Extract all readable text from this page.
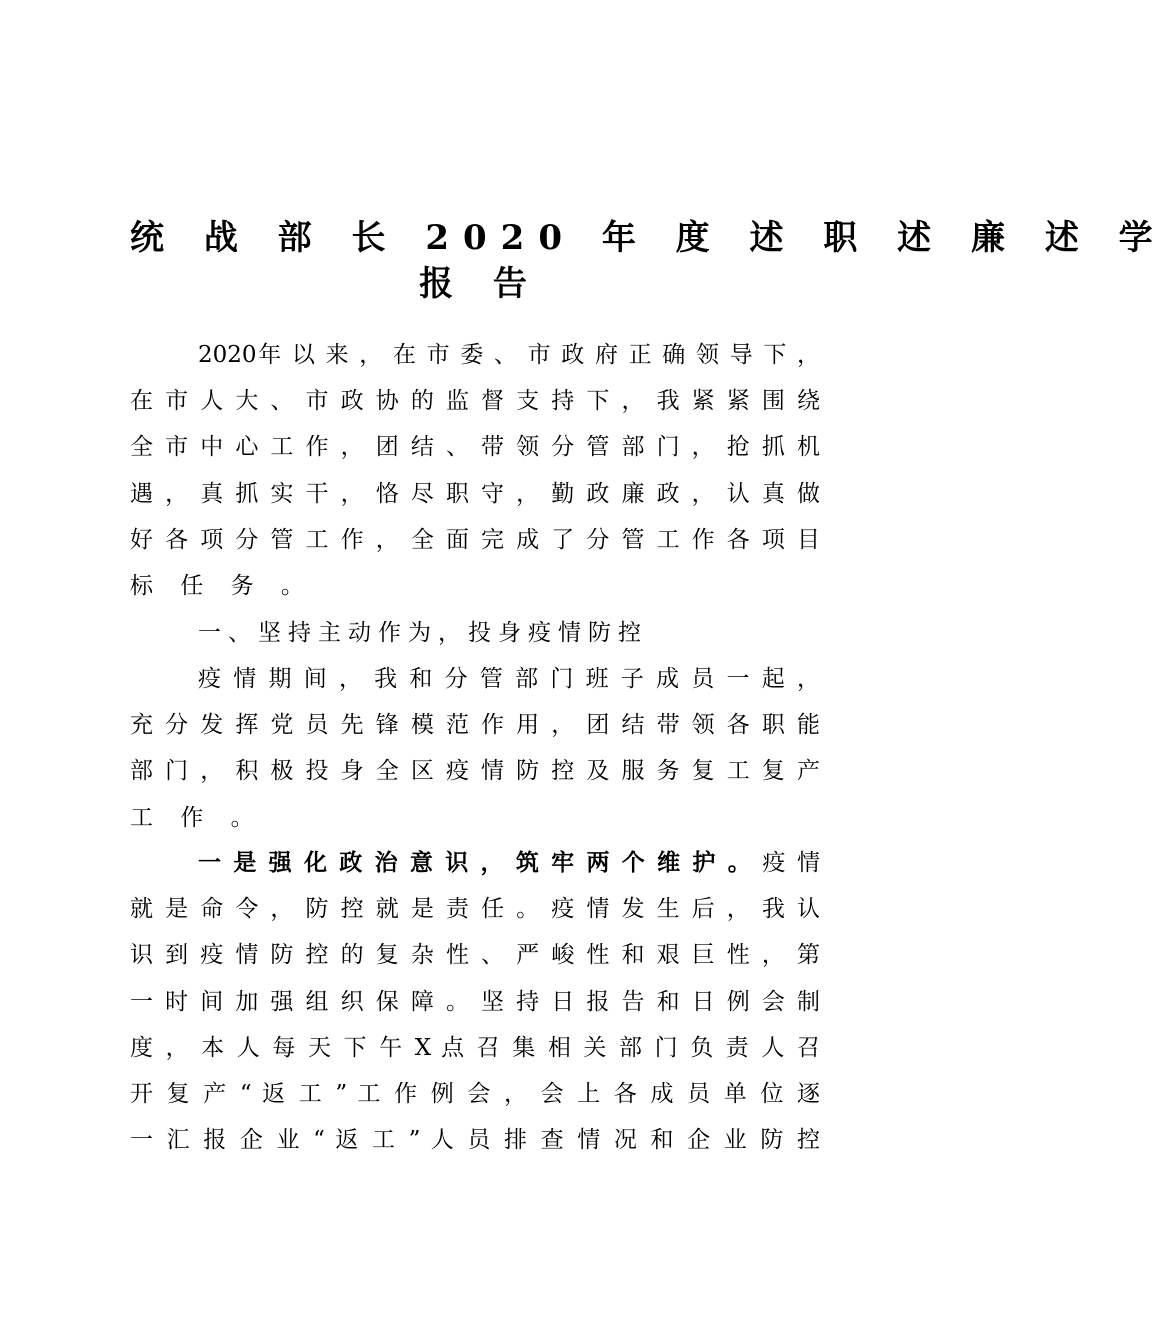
统 战 部 长 2020 年 度 述 职 述 廉 述 学
报 告
2020年 以 来 ， 在 市 委 、 市 政 府 正 确 领 导 下 ，
在 市 人 大 、 市 政 协 的 监 督 支 持 下 ， 我 紧 紧 围 绕
全 市 中 心 工 作 ， 团 结 、 带 领 分 管 部 门 ， 抢 抓 机
遇 ， 真 抓 实 干 ， 恪 尽 职 守 ， 勤 政 廉 政 ， 认 真 做
好 各 项 分 管 工 作 ， 全 面 完 成 了 分 管 工 作 各 项 目
标 任 务 。
一、坚持主动作为，投身疫情防控
疫 情 期 间 ， 我 和 分 管 部 门 班 子 成 员 一 起 ，
充 分 发 挥 党 员 先 锋 模 范 作 用 ， 团 结 带 领 各 职 能
部 门 ， 积 极 投 身 全 区 疫 情 防 控 及 服 务 复 工 复 产
工 作 。
一 是 强 化 政 治 意 识 ， 筑 牢 两 个 维 护 。 疫 情
就 是 命 令 ， 防 控 就 是 责 任 。 疫 情 发 生 后 ， 我 认
识 到 疫 情 防 控 的 复 杂 性 、 严 峻 性 和 艰 巨 性 ， 第
一 时 间 加 强 组 织 保 障 。 坚 持 日 报 告 和 日 例 会 制
度 ， 本 人 每 天 下 午 X 点 召 集 相 关 部 门 负 责 人 召
开 复 产 “ 返 工 ” 工 作 例 会 ， 会 上 各 成 员 单 位 逐
一 汇 报 企 业 “ 返 工 ” 人 员 排 查 情 况 和 企 业 防 控
